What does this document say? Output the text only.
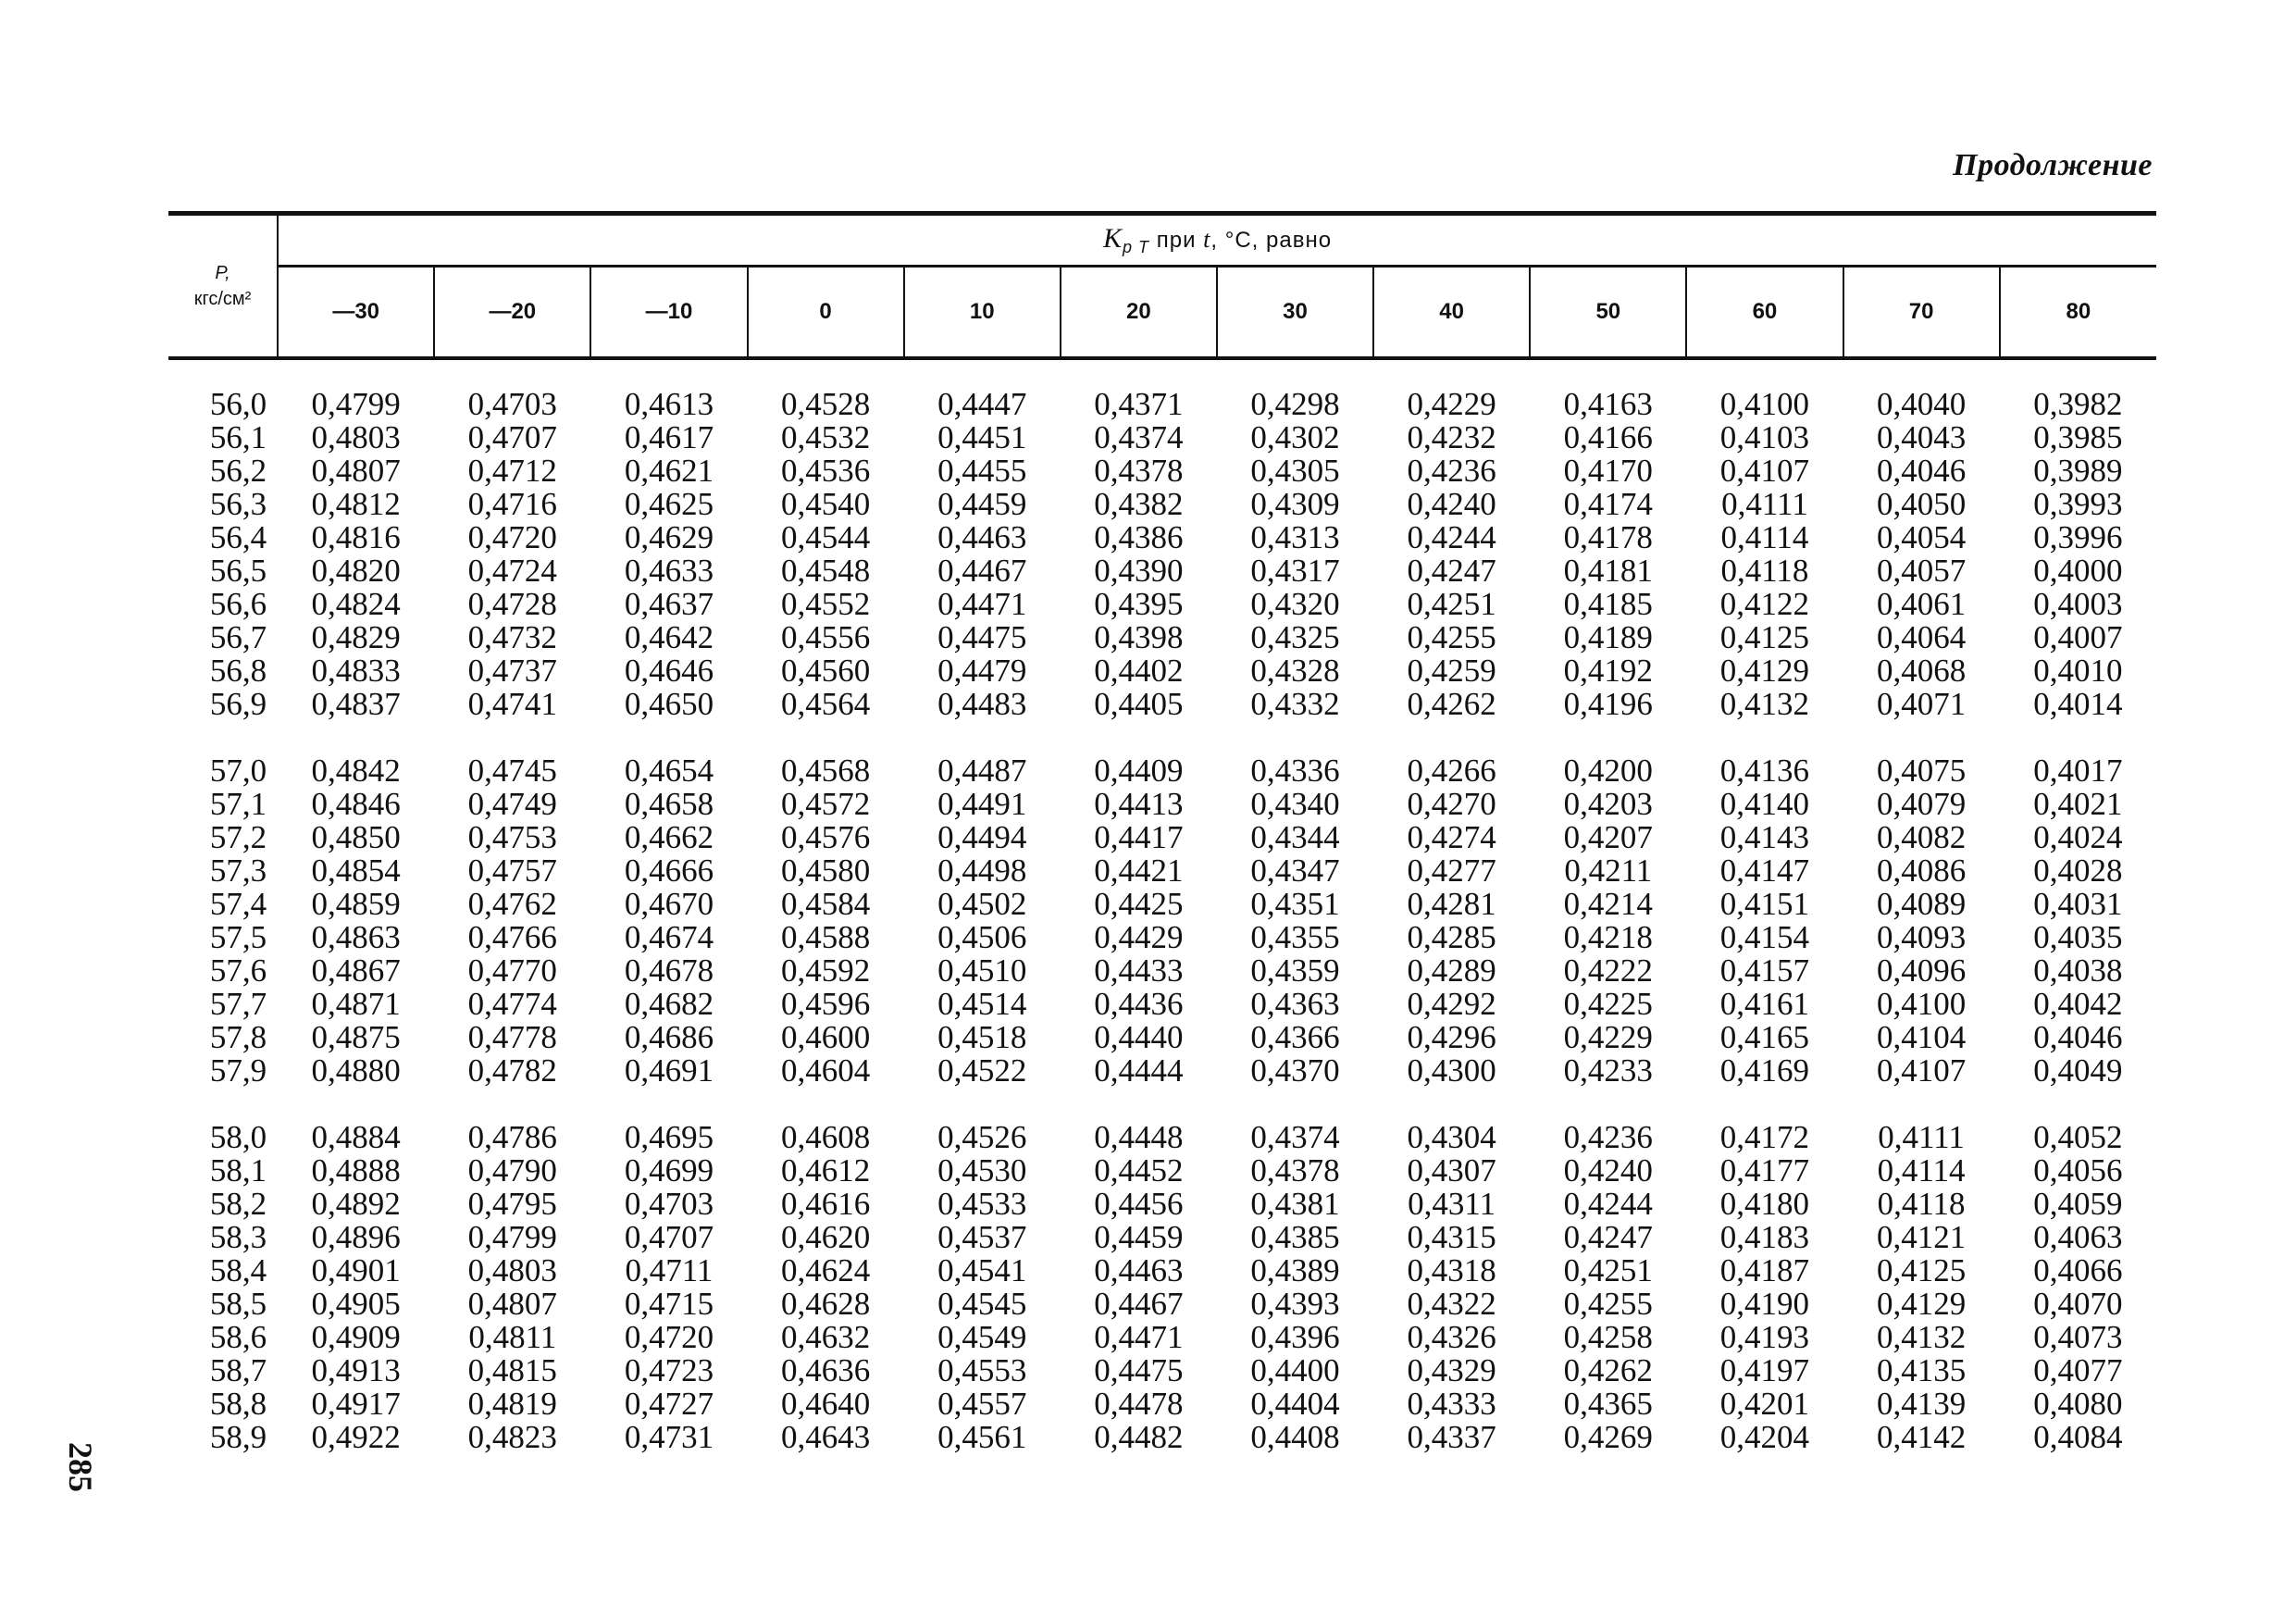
Продолжение
285
P,
кгс/см²	$K_{p T}$ при t, °C, равно											
	—30	—20	—10	0	10	20	30	40	50	60	70	80
56,0	0,4799	0,4703	0,4613	0,4528	0,4447	0,4371	0,4298	0,4229	0,4163	0,4100	0,4040	0,3982
56,1	0,4803	0,4707	0,4617	0,4532	0,4451	0,4374	0,4302	0,4232	0,4166	0,4103	0,4043	0,3985
56,2	0,4807	0,4712	0,4621	0,4536	0,4455	0,4378	0,4305	0,4236	0,4170	0,4107	0,4046	0,3989
56,3	0,4812	0,4716	0,4625	0,4540	0,4459	0,4382	0,4309	0,4240	0,4174	0,4111	0,4050	0,3993
56,4	0,4816	0,4720	0,4629	0,4544	0,4463	0,4386	0,4313	0,4244	0,4178	0,4114	0,4054	0,3996
56,5	0,4820	0,4724	0,4633	0,4548	0,4467	0,4390	0,4317	0,4247	0,4181	0,4118	0,4057	0,4000
56,6	0,4824	0,4728	0,4637	0,4552	0,4471	0,4395	0,4320	0,4251	0,4185	0,4122	0,4061	0,4003
56,7	0,4829	0,4732	0,4642	0,4556	0,4475	0,4398	0,4325	0,4255	0,4189	0,4125	0,4064	0,4007
56,8	0,4833	0,4737	0,4646	0,4560	0,4479	0,4402	0,4328	0,4259	0,4192	0,4129	0,4068	0,4010
56,9	0,4837	0,4741	0,4650	0,4564	0,4483	0,4405	0,4332	0,4262	0,4196	0,4132	0,4071	0,4014
57,0	0,4842	0,4745	0,4654	0,4568	0,4487	0,4409	0,4336	0,4266	0,4200	0,4136	0,4075	0,4017
57,1	0,4846	0,4749	0,4658	0,4572	0,4491	0,4413	0,4340	0,4270	0,4203	0,4140	0,4079	0,4021
57,2	0,4850	0,4753	0,4662	0,4576	0,4494	0,4417	0,4344	0,4274	0,4207	0,4143	0,4082	0,4024
57,3	0,4854	0,4757	0,4666	0,4580	0,4498	0,4421	0,4347	0,4277	0,4211	0,4147	0,4086	0,4028
57,4	0,4859	0,4762	0,4670	0,4584	0,4502	0,4425	0,4351	0,4281	0,4214	0,4151	0,4089	0,4031
57,5	0,4863	0,4766	0,4674	0,4588	0,4506	0,4429	0,4355	0,4285	0,4218	0,4154	0,4093	0,4035
57,6	0,4867	0,4770	0,4678	0,4592	0,4510	0,4433	0,4359	0,4289	0,4222	0,4157	0,4096	0,4038
57,7	0,4871	0,4774	0,4682	0,4596	0,4514	0,4436	0,4363	0,4292	0,4225	0,4161	0,4100	0,4042
57,8	0,4875	0,4778	0,4686	0,4600	0,4518	0,4440	0,4366	0,4296	0,4229	0,4165	0,4104	0,4046
57,9	0,4880	0,4782	0,4691	0,4604	0,4522	0,4444	0,4370	0,4300	0,4233	0,4169	0,4107	0,4049
58,0	0,4884	0,4786	0,4695	0,4608	0,4526	0,4448	0,4374	0,4304	0,4236	0,4172	0,4111	0,4052
58,1	0,4888	0,4790	0,4699	0,4612	0,4530	0,4452	0,4378	0,4307	0,4240	0,4177	0,4114	0,4056
58,2	0,4892	0,4795	0,4703	0,4616	0,4533	0,4456	0,4381	0,4311	0,4244	0,4180	0,4118	0,4059
58,3	0,4896	0,4799	0,4707	0,4620	0,4537	0,4459	0,4385	0,4315	0,4247	0,4183	0,4121	0,4063
58,4	0,4901	0,4803	0,4711	0,4624	0,4541	0,4463	0,4389	0,4318	0,4251	0,4187	0,4125	0,4066
58,5	0,4905	0,4807	0,4715	0,4628	0,4545	0,4467	0,4393	0,4322	0,4255	0,4190	0,4129	0,4070
58,6	0,4909	0,4811	0,4720	0,4632	0,4549	0,4471	0,4396	0,4326	0,4258	0,4193	0,4132	0,4073
58,7	0,4913	0,4815	0,4723	0,4636	0,4553	0,4475	0,4400	0,4329	0,4262	0,4197	0,4135	0,4077
58,8	0,4917	0,4819	0,4727	0,4640	0,4557	0,4478	0,4404	0,4333	0,4365	0,4201	0,4139	0,4080
58,9	0,4922	0,4823	0,4731	0,4643	0,4561	0,4482	0,4408	0,4337	0,4269	0,4204	0,4142	0,4084
